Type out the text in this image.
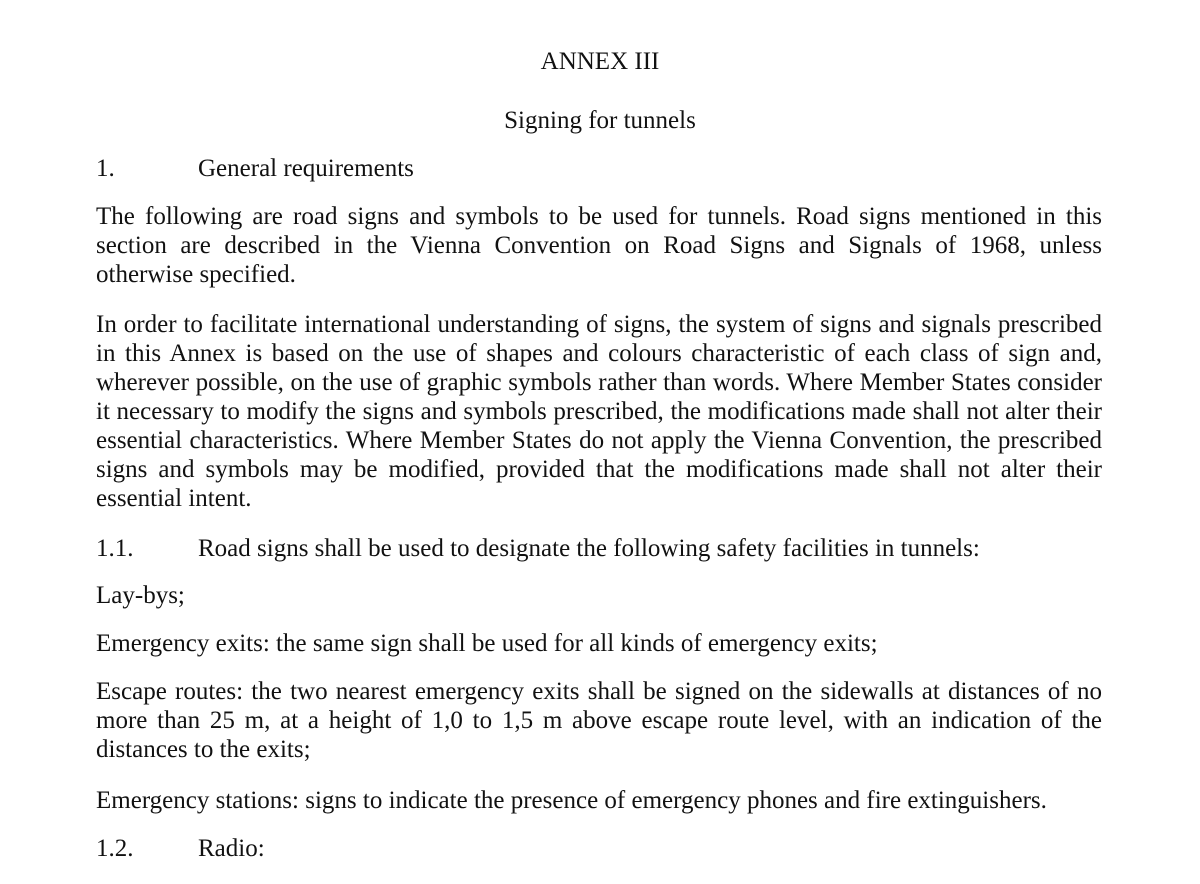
ANNEX III
Signing for tunnels
1.	General requirements

The following are road signs and symbols to be used for tunnels. Road signs mentioned in this section are described in the Vienna Convention on Road Signs and Signals of 1968, unless otherwise specified.

In order to facilitate international understanding of signs, the system of signs and signals prescribed in this Annex is based on the use of shapes and colours characteristic of each class of sign and, wherever possible, on the use of graphic symbols rather than words. Where Member States consider it necessary to modify the signs and symbols prescribed, the modifications made shall not alter their essential characteristics. Where Member States do not apply the Vienna Convention, the prescribed signs and symbols may be modified, provided that the modifications made shall not alter their essential intent.

1.1.	Road signs shall be used to designate the following safety facilities in tunnels:
Lay-bys;
Emergency exits: the same sign shall be used for all kinds of emergency exits;

Escape routes: the two nearest emergency exits shall be signed on the sidewalls at distances of no more than 25 m, at a height of 1,0 to 1,5 m above escape route level, with an indication of the distances to the exits;

Emergency stations: signs to indicate the presence of emergency phones and fire extinguishers.
1.2.	Radio:
